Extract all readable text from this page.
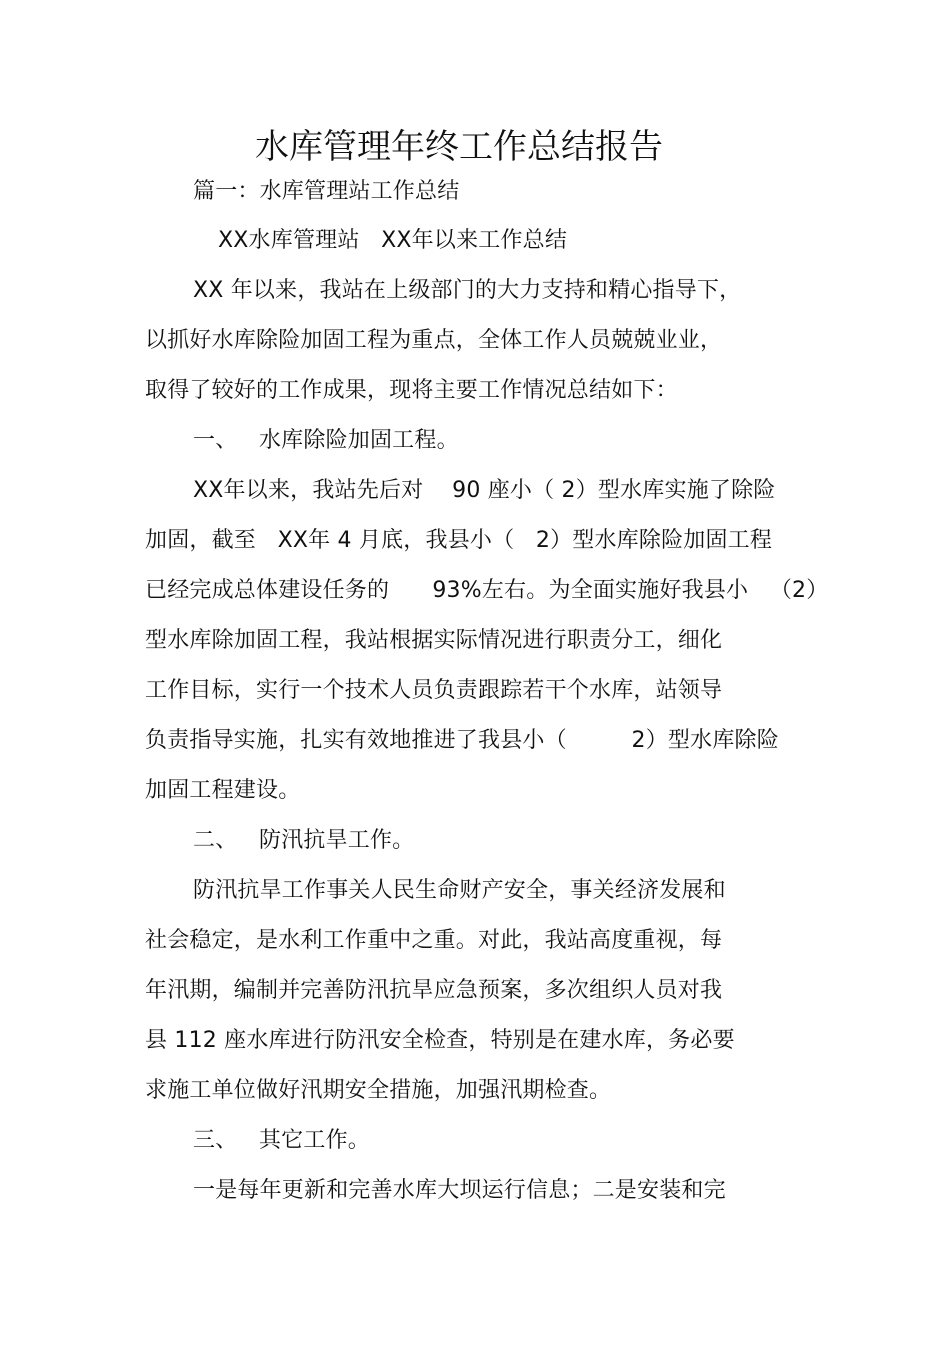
水库管理年终工作总结报告
篇一：水库管理站工作总结
XX水库管理站   XX年以来工作总结
XX 年以来，我站在上级部门的大力支持和精心指导下，
以抓好水库除险加固工程为重点，全体工作人员兢兢业业，
取得了较好的工作成果，现将主要工作情况总结如下：
一、   水库除险加固工程。
XX年以来，我站先后对    90 座小（ 2）型水库实施了除险
加固，截至   XX年 4 月底，我县小（   2）型水库除险加固工程
已经完成总体建设任务的      93%左右。为全面实施好我县小   （2）
型水库除加固工程，我站根据实际情况进行职责分工，细化
工作目标，实行一个技术人员负责跟踪若干个水库，站领导
负责指导实施，扎实有效地推进了我县小（         2）型水库除险
加固工程建设。
二、   防汛抗旱工作。
防汛抗旱工作事关人民生命财产安全，事关经济发展和
社会稳定，是水利工作重中之重。对此，我站高度重视，每
年汛期，编制并完善防汛抗旱应急预案，多次组织人员对我
县 112 座水库进行防汛安全检查，特别是在建水库，务必要
求施工单位做好汛期安全措施，加强汛期检查。
三、   其它工作。
一是每年更新和完善水库大坝运行信息；二是安装和完
